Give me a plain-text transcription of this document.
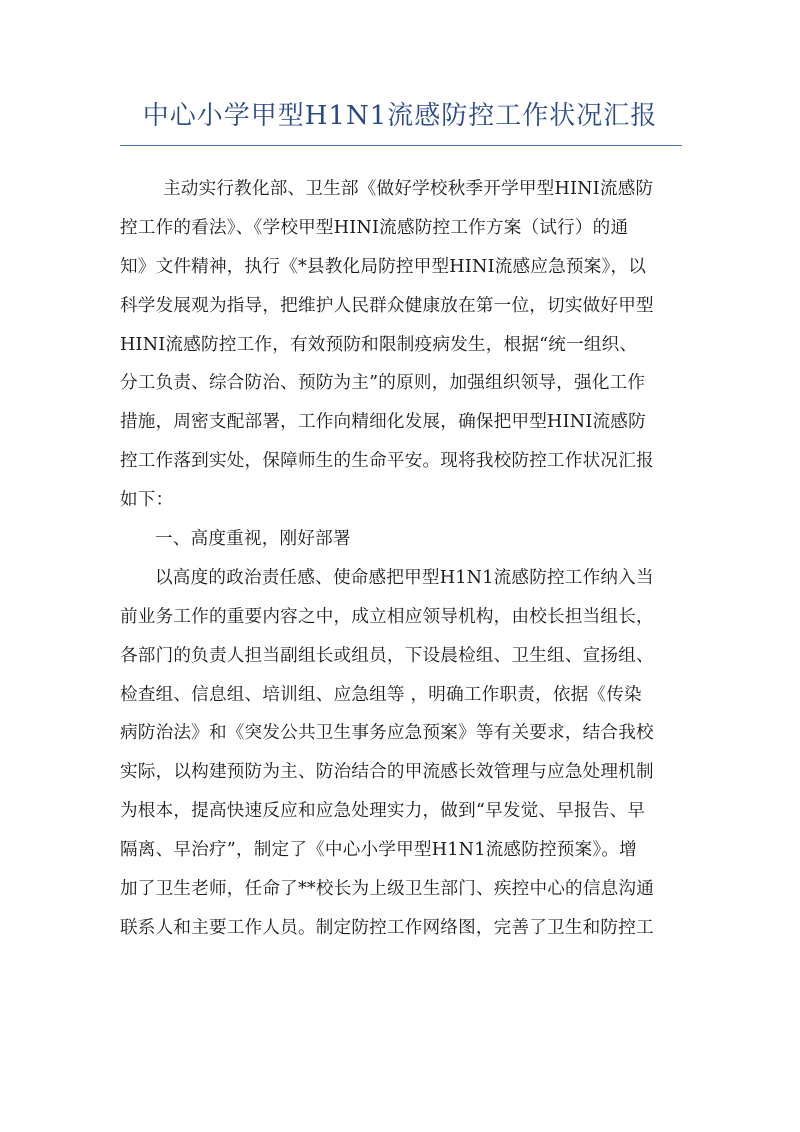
中心小学甲型H1N1流感防控工作状况汇报
主动实行教化部、卫生部《做好学校秋季开学甲型HINI流感防
控工作的看法》、《学校甲型HINI流感防控工作方案（试行）的通
知》文件精神，执行《*县教化局防控甲型HINI流感应急预案》，以
科学发展观为指导，把维护人民群众健康放在第一位，切实做好甲型
HINI流感防控工作，有效预防和限制疫病发生，根据“统一组织、
分工负责、综合防治、预防为主”的原则，加强组织领导，强化工作
措施，周密支配部署，工作向精细化发展，确保把甲型HINI流感防
控工作落到实处，保障师生的生命平安。现将我校防控工作状况汇报
如下：
一、高度重视，刚好部署
以高度的政治责任感、使命感把甲型H1N1流感防控工作纳入当
前业务工作的重要内容之中，成立相应领导机构，由校长担当组长，
各部门的负责人担当副组长或组员，下设晨检组、卫生组、宣扬组、
检查组、信息组、培训组、应急组等 ，明确工作职责，依据《传染
病防治法》和《突发公共卫生事务应急预案》等有关要求，结合我校
实际，以构建预防为主、防治结合的甲流感长效管理与应急处理机制
为根本，提高快速反应和应急处理实力，做到“早发觉、早报告、早
隔离、早治疗”，制定了《中心小学甲型H1N1流感防控预案》。增
加了卫生老师，任命了**校长为上级卫生部门、疾控中心的信息沟通
联系人和主要工作人员。制定防控工作网络图，完善了卫生和防控工
